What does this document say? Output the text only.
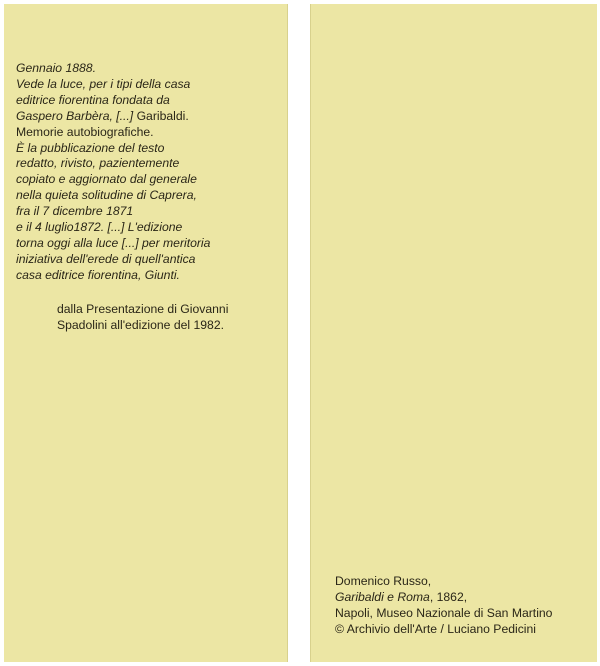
Gennaio 1888.
Vede la luce, per i tipi della casa
editrice fiorentina fondata da
Gaspero Barbèra, [...] Garibaldi.
Memorie autobiografiche.
È la pubblicazione del testo
redatto, rivisto, pazientemente
copiato e aggiornato dal generale
nella quieta solitudine di Caprera,
fra il 7 dicembre 1871
e il 4 luglio1872. [...] L'edizione
torna oggi alla luce [...] per meritoria
iniziativa dell'erede di quell'antica
casa editrice fiorentina, Giunti.
dalla Presentazione di Giovanni
Spadolini all'edizione del 1982.
Domenico Russo,
Garibaldi e Roma, 1862,
Napoli, Museo Nazionale di San Martino
© Archivio dell'Arte / Luciano Pedicini
